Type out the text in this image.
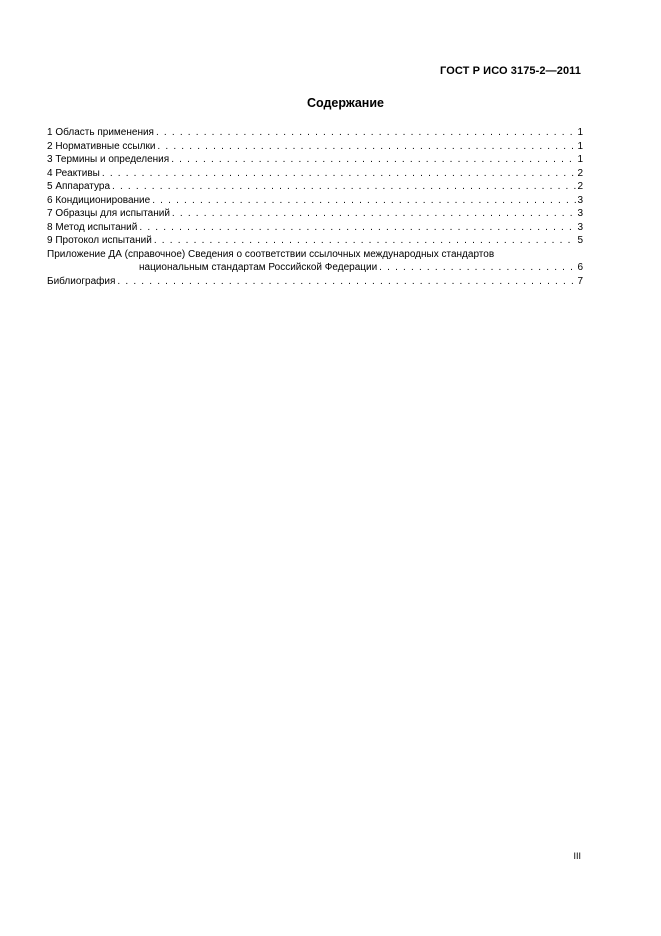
ГОСТ Р ИСО 3175-2—2011
Содержание
1 Область применения . . .	1
2 Нормативные ссылки . . .	1
3 Термины и определения . . .	1
4 Реактивы . . .	2
5 Аппаратура . . .	2
6 Кондиционирование . . .	3
7 Образцы для испытаний . . .	3
8 Метод испытаний . . .	3
9 Протокол испытаний . . .	5
Приложение ДА (справочное) Сведения о соответствии ссылочных международных стандартов
национальным стандартам Российской Федерации . . .	6
Библиография . . .	7
III
